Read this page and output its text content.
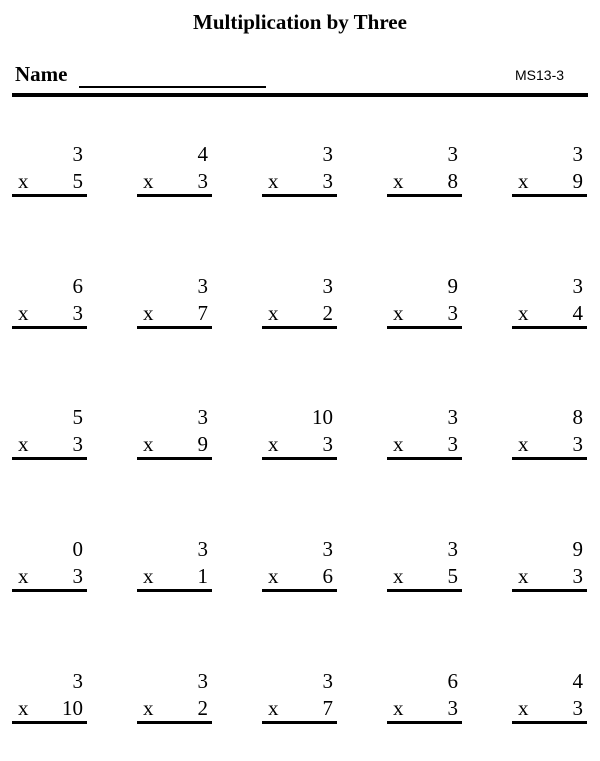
Multiplication by Three
Name	MS13-3
3
x 5
4
x 3
3
x 3
3
x 8
3
x 9
6
x 3
3
x 7
3
x 2
9
x 3
3
x 4
5
x 3
3
x 9
10
x 3
3
x 3
8
x 3
0
x 3
3
x 1
3
x 6
3
x 5
9
x 3
3
x 10
3
x 2
3
x 7
6
x 3
4
x 3
